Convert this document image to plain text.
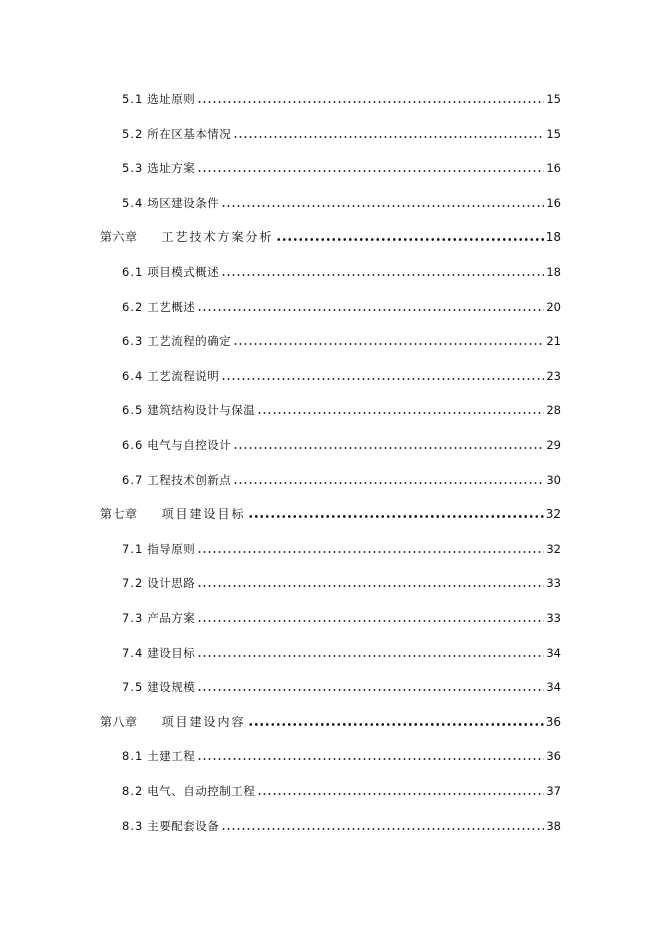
5.1 选址原则	15
5.2 所在区基本情况	15
5.3 选址方案	16
5.4 场区建设条件	16
第六章 工艺技术方案分析	18
6.1 项目模式概述	18
6.2 工艺概述	20
6.3 工艺流程的确定	21
6.4 工艺流程说明	23
6.5 建筑结构设计与保温	28
6.6 电气与自控设计	29
6.7 工程技术创新点	30
第七章 项目建设目标	32
7.1 指导原则	32
7.2 设计思路	33
7.3 产品方案	33
7.4 建设目标	34
7.5 建设规模	34
第八章 项目建设内容	36
8.1 土建工程	36
8.2 电气、自动控制工程	37
8.3 主要配套设备	38
